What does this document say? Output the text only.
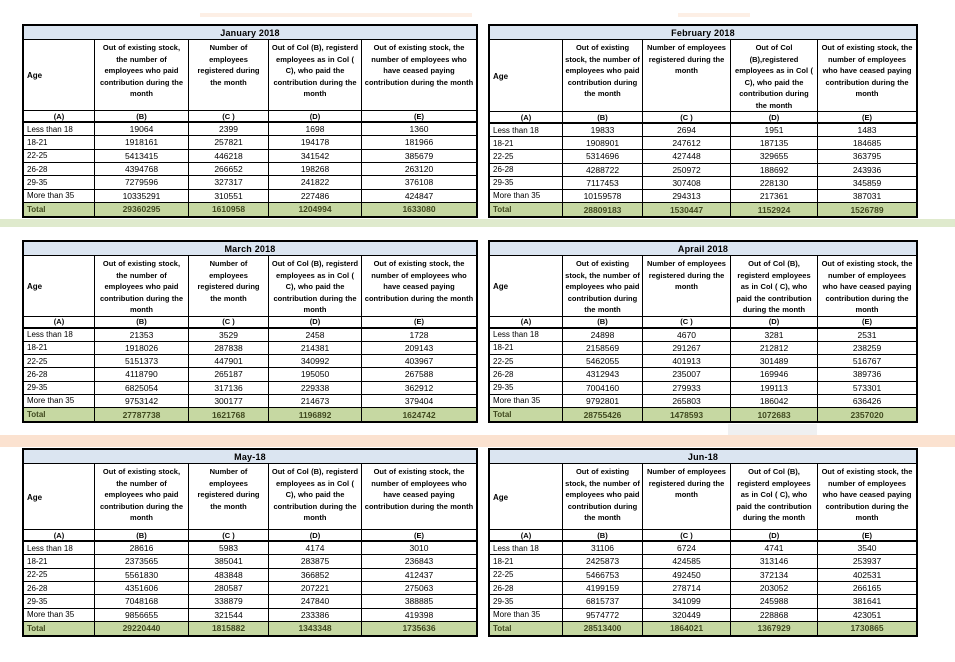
January 2018
Age
Out of existing stock, the number of employees who paid contribution during the month
Number of employees registered during the month
Out of Col (B), registerd employees as in Col ( C), who paid the contribution during the month
Out of existing stock, the number of employees who have ceased paying contribution during the month
(A)	(B)	(C )	(D)	(E)
Less than 18	19064	2399	1698	1360
18-21	1918161	257821	194178	181966
22-25	5413415	446218	341542	385679
26-28	4394768	266652	198268	263120
29-35	7279596	327317	241822	376108
More than 35	10335291	310551	227486	424847
Total	29360295	1610958	1204994	1633080
February 2018
Age
Out of existing stock, the number of employees who paid contribution during the month
Number of employees registered during the month
Out of Col (B),registered employees as in Col ( C), who paid the contribution during the month
Out of existing stock, the number of employees who have ceased paying contribution during the month
(A)	(B)	(C )	(D)	(E)
Less than 18	19833	2694	1951	1483
18-21	1908901	247612	187135	184685
22-25	5314696	427448	329655	363795
26-28	4288722	250972	188692	243936
29-35	7117453	307408	228130	345859
More than 35	10159578	294313	217361	387031
Total	28809183	1530447	1152924	1526789
March 2018
Age
Out of existing stock, the number of employees who paid contribution during the month
Number of employees registered during the month
Out of Col (B), registerd employees as in Col ( C), who paid the contribution during the month
Out of existing stock, the number of employees who have ceased paying contribution during the month
(A)	(B)	(C )	(D)	(E)
Less than 18	21353	3529	2458	1728
18-21	1918026	287838	214381	209143
22-25	5151373	447901	340992	403967
26-28	4118790	265187	195050	267588
29-35	6825054	317136	229338	362912
More than 35	9753142	300177	214673	379404
Total	27787738	1621768	1196892	1624742
Aprail 2018
Age
Out of existing stock, the number of employees who paid contribution during the month
Number of employees registered during the month
Out of Col (B), registerd employees as in Col ( C), who paid the contribution during the month
Out of existing stock, the number of employees who have ceased paying contribution during the month
(A)	(B)	(C )	(D)	(E)
Less than 18	24898	4670	3281	2531
18-21	2158569	291267	212812	238259
22-25	5462055	401913	301489	516767
26-28	4312943	235007	169946	389736
29-35	7004160	279933	199113	573301
More than 35	9792801	265803	186042	636426
Total	28755426	1478593	1072683	2357020
May-18
Age
Out of existing stock, the number of employees who paid contribution during the month
Number of employees registered during the month
Out of Col (B), registerd employees as in Col ( C), who paid the contribution during the month
Out of existing stock, the number of employees who have ceased paying contribution during the month
(A)	(B)	(C )	(D)	(E)
Less than 18	28616	5983	4174	3010
18-21	2373565	385041	283875	236843
22-25	5561830	483848	366852	412437
26-28	4351606	280587	207221	275063
29-35	7048168	338879	247840	388885
More than 35	9856655	321544	233386	419398
Total	29220440	1815882	1343348	1735636
Jun-18
Age
Out of existing stock, the number of employees who paid contribution during the month
Number of employees registered during the month
Out of Col (B), registerd employees as in Col ( C), who paid the contribution during the month
Out of existing stock, the number of employees who have ceased paying contribution during the month
(A)	(B)	(C )	(D)	(E)
Less than 18	31106	6724	4741	3540
18-21	2425873	424585	313146	253937
22-25	5466753	492450	372134	402531
26-28	4199159	278714	203052	266165
29-35	6815737	341099	245988	381641
More than 35	9574772	320449	228868	423051
Total	28513400	1864021	1367929	1730865
